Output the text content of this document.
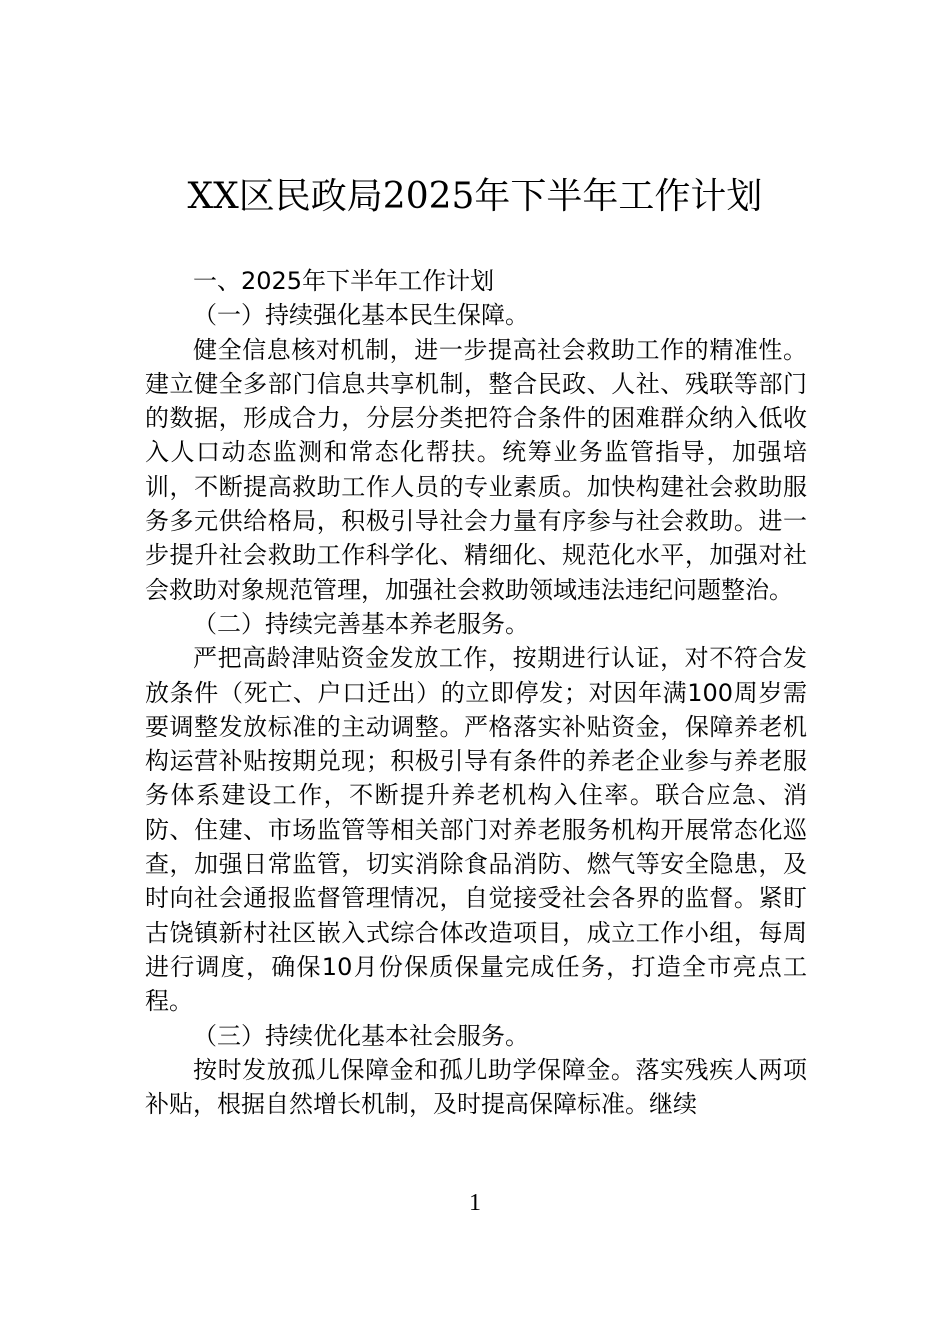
XX区民政局2025年下半年工作计划

一、2025年下半年工作计划

（一）持续强化基本民生保障。

健全信息核对机制，进一步提高社会救助工作的精准性。建立健全多部门信息共享机制，整合民政、人社、残联等部门的数据，形成合力，分层分类把符合条件的困难群众纳入低收入人口动态监测和常态化帮扶。统筹业务监管指导，加强培训，不断提高救助工作人员的专业素质。加快构建社会救助服务多元供给格局，积极引导社会力量有序参与社会救助。进一步提升社会救助工作科学化、精细化、规范化水平，加强对社会救助对象规范管理，加强社会救助领域违法违纪问题整治。

（二）持续完善基本养老服务。

严把高龄津贴资金发放工作，按期进行认证，对不符合发放条件（死亡、户口迁出）的立即停发；对因年满100周岁需要调整发放标准的主动调整。严格落实补贴资金，保障养老机构运营补贴按期兑现；积极引导有条件的养老企业参与养老服务体系建设工作，不断提升养老机构入住率。联合应急、消防、住建、市场监管等相关部门对养老服务机构开展常态化巡查，加强日常监管，切实消除食品消防、燃气等安全隐患，及时向社会通报监督管理情况，自觉接受社会各界的监督。紧盯古饶镇新村社区嵌入式综合体改造项目，成立工作小组，每周进行调度，确保10月份保质保量完成任务，打造全市亮点工程。

（三）持续优化基本社会服务。

按时发放孤儿保障金和孤儿助学保障金。落实残疾人两项补贴，根据自然增长机制，及时提高保障标准。继续

1
